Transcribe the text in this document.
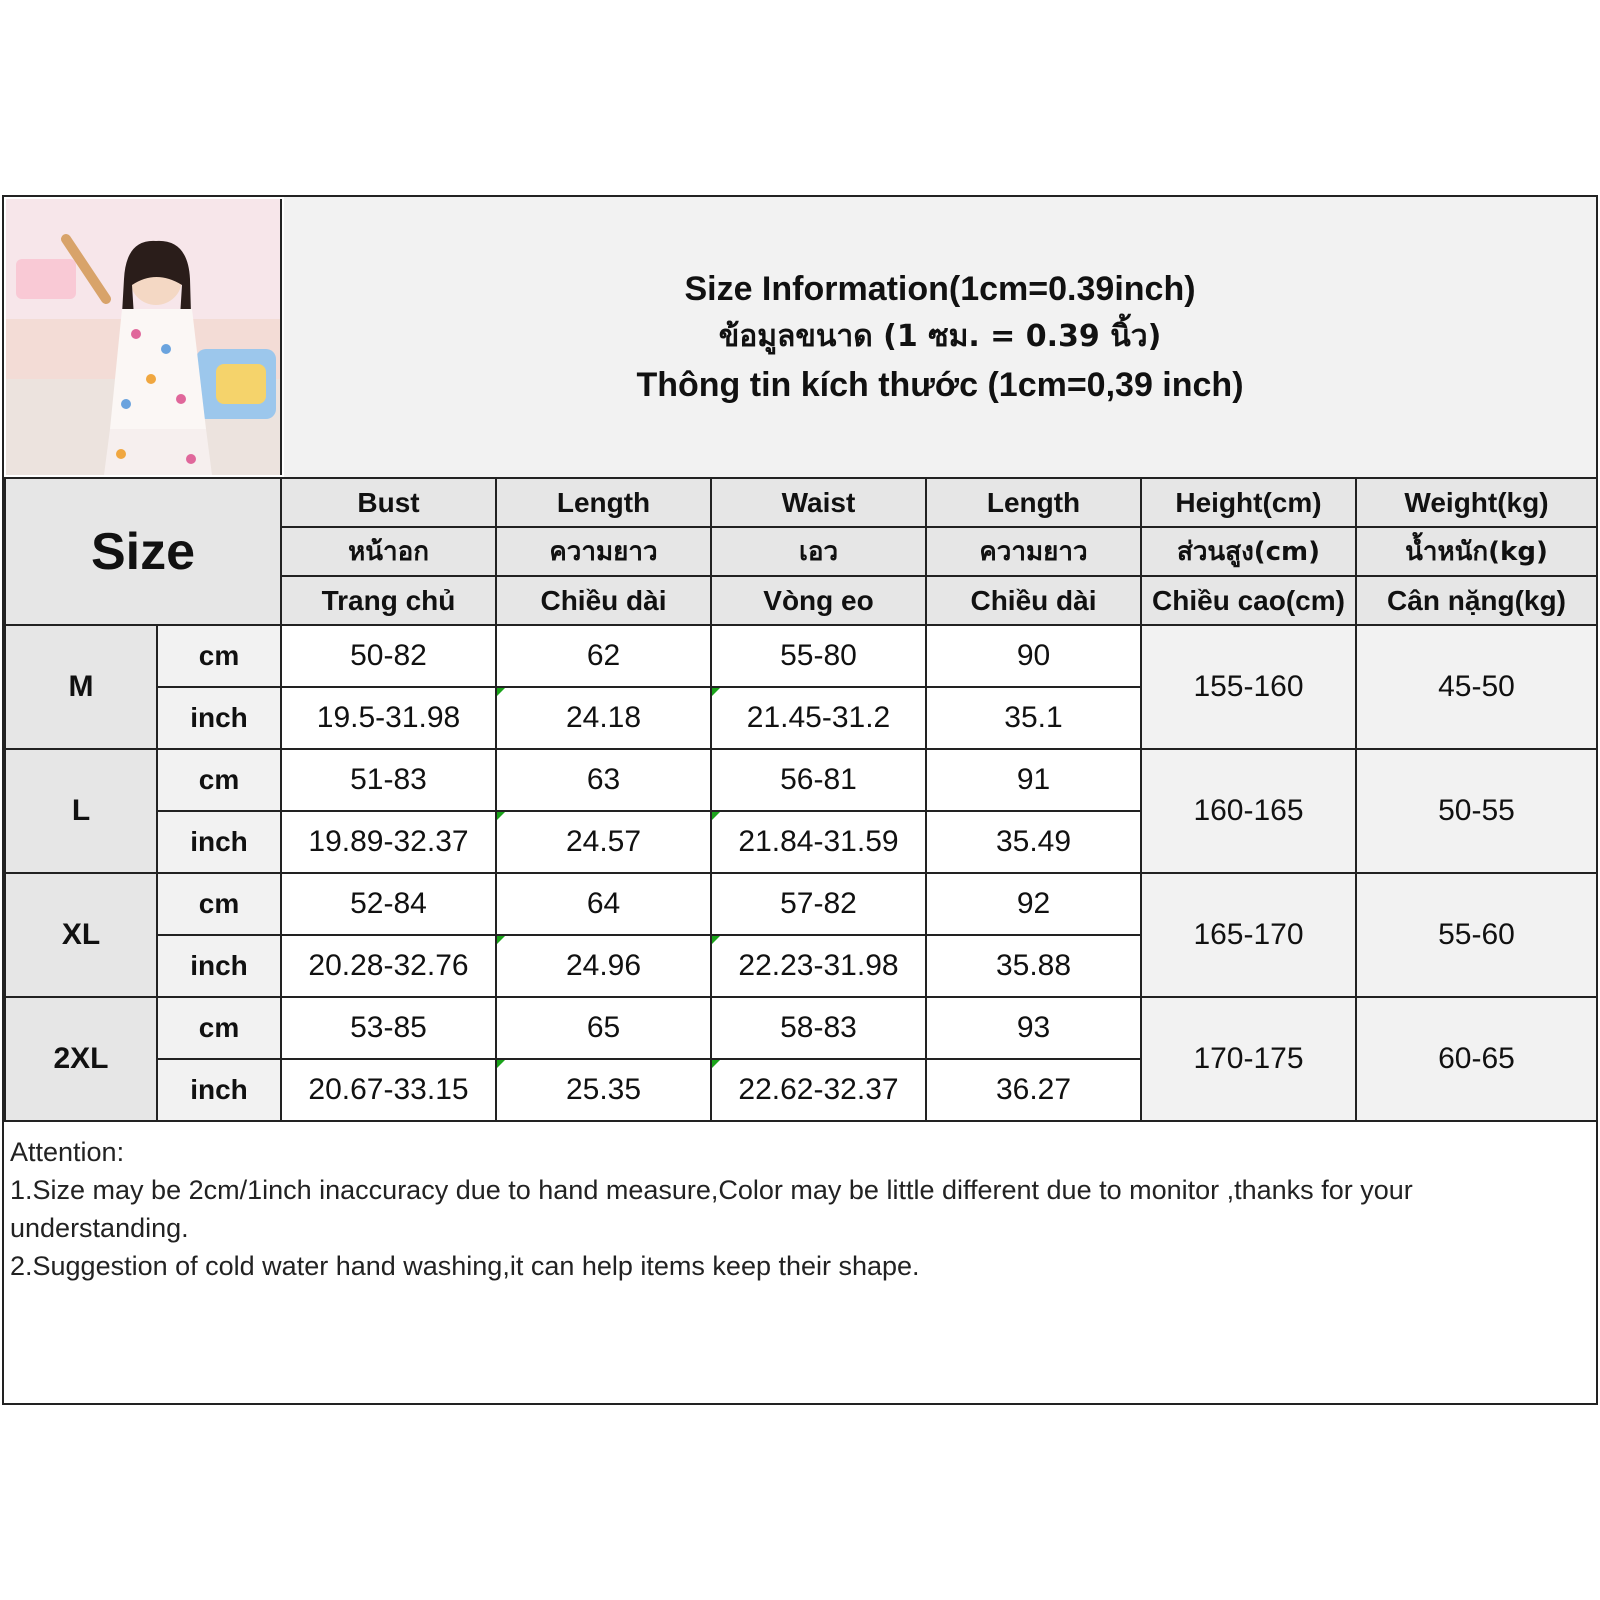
Size Information(1cm=0.39inch)
ข้อมูลขนาด (1 ซม. = 0.39 นิ้ว)
Thông tin kích thước (1cm=0,39 inch)
Size		Bust	Length	Waist	Length	Height(cm)	Weight(kg)
		หน้าอก	ความยาว	เอว	ความยาว	ส่วนสูง(cm)	น้ำหนัก(kg)
		Trang chủ	Chiều dài	Vòng eo	Chiều dài	Chiều cao(cm)	Cân nặng(kg)
M	cm	50-82	62	55-80	90	155-160	45-50
	inch	19.5-31.98	24.18	21.45-31.2	35.1		
L	cm	51-83	63	56-81	91	160-165	50-55
	inch	19.89-32.37	24.57	21.84-31.59	35.49		
XL	cm	52-84	64	57-82	92	165-170	55-60
	inch	20.28-32.76	24.96	22.23-31.98	35.88		
2XL	cm	53-85	65	58-83	93	170-175	60-65
	inch	20.67-33.15	25.35	22.62-32.37	36.27		
Attention:
1.Size may be 2cm/1inch inaccuracy due to hand measure,Color may be little different due to monitor ,thanks for your understanding.
2.Suggestion of cold water hand washing,it can help items keep their shape.
